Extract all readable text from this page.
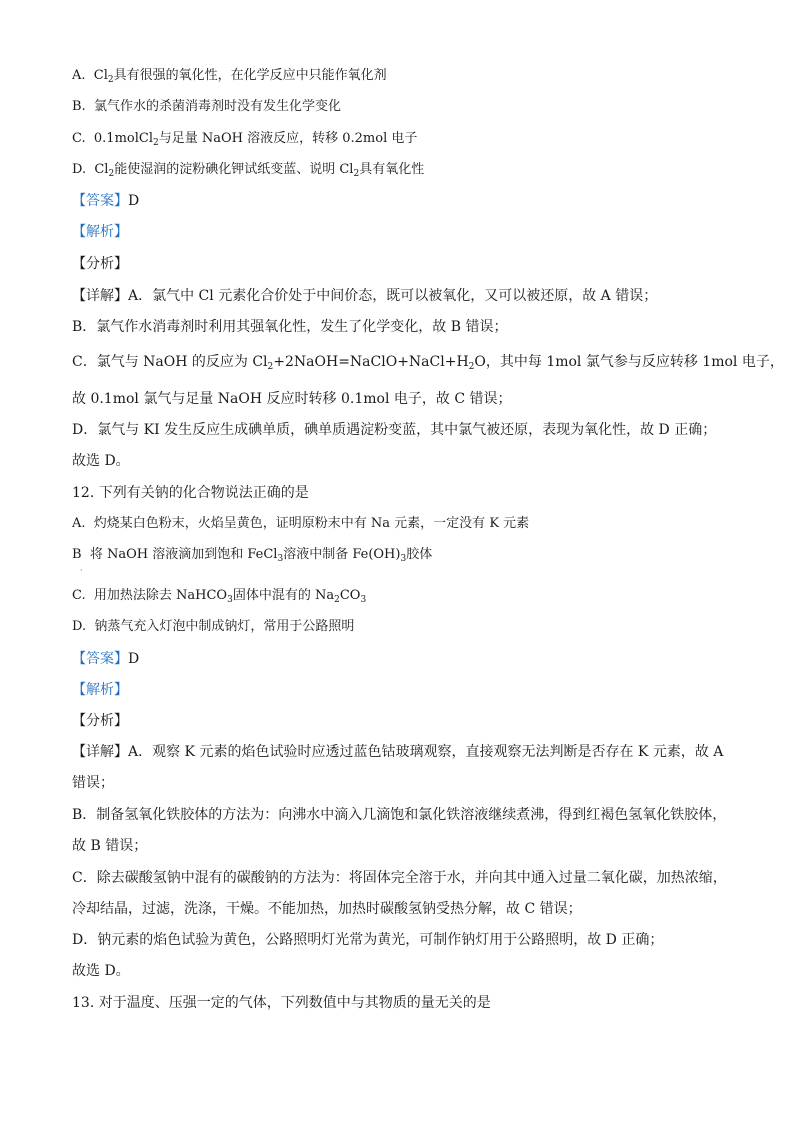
A. $Cl_2$具有很强的氧化性，在化学反应中只能作氧化剂
B. 氯气作水的杀菌消毒剂时没有发生化学变化
C. 0.1molCl$_2$与足量 NaOH 溶液反应，转移 0.2mol 电子
D. $Cl_2$能使湿润的淀粉碘化钾试纸变蓝、说明 $Cl_2$具有氧化性
【答案】D
【解析】
【分析】
【详解】A．氯气中 Cl 元素化合价处于中间价态，既可以被氧化，又可以被还原，故 A 错误；
B．氯气作水消毒剂时利用其强氧化性，发生了化学变化，故 B 错误；
C．氯气与 NaOH 的反应为 $Cl_2+2NaOH=NaClO+NaCl+H_2O$，其中每 1mol 氯气参与反应转移 1mol 电子，
故 0.1mol 氯气与足量 NaOH 反应时转移 0.1mol 电子，故 C 错误；
D．氯气与 KI 发生反应生成碘单质，碘单质遇淀粉变蓝，其中氯气被还原，表现为氧化性，故 D 正确；
故选 D。
12. 下列有关钠的化合物说法正确的是
A. 灼烧某白色粉末，火焰呈黄色，证明原粉末中有 Na 元素，一定没有 K 元素
B 将 NaOH 溶液滴加到饱和 FeCl$_3$溶液中制备 $Fe(OH)_3$胶体
·
C. 用加热法除去 NaHCO$_3$固体中混有的 $Na_2CO_3$
D. 钠蒸气充入灯泡中制成钠灯，常用于公路照明
【答案】D
【解析】
【分析】
【详解】A．观察 K 元素的焰色试验时应透过蓝色钴玻璃观察，直接观察无法判断是否存在 K 元素，故 A
错误；
B．制备氢氧化铁胶体的方法为：向沸水中滴入几滴饱和氯化铁溶液继续煮沸，得到红褐色氢氧化铁胶体，
故 B 错误；
C．除去碳酸氢钠中混有的碳酸钠的方法为：将固体完全溶于水，并向其中通入过量二氧化碳，加热浓缩，
冷却结晶，过滤，洗涤，干燥。不能加热，加热时碳酸氢钠受热分解，故 C 错误；
D．钠元素的焰色试验为黄色，公路照明灯光常为黄光，可制作钠灯用于公路照明，故 D 正确；
故选 D。
13. 对于温度、压强一定的气体，下列数值中与其物质的量无关的是
